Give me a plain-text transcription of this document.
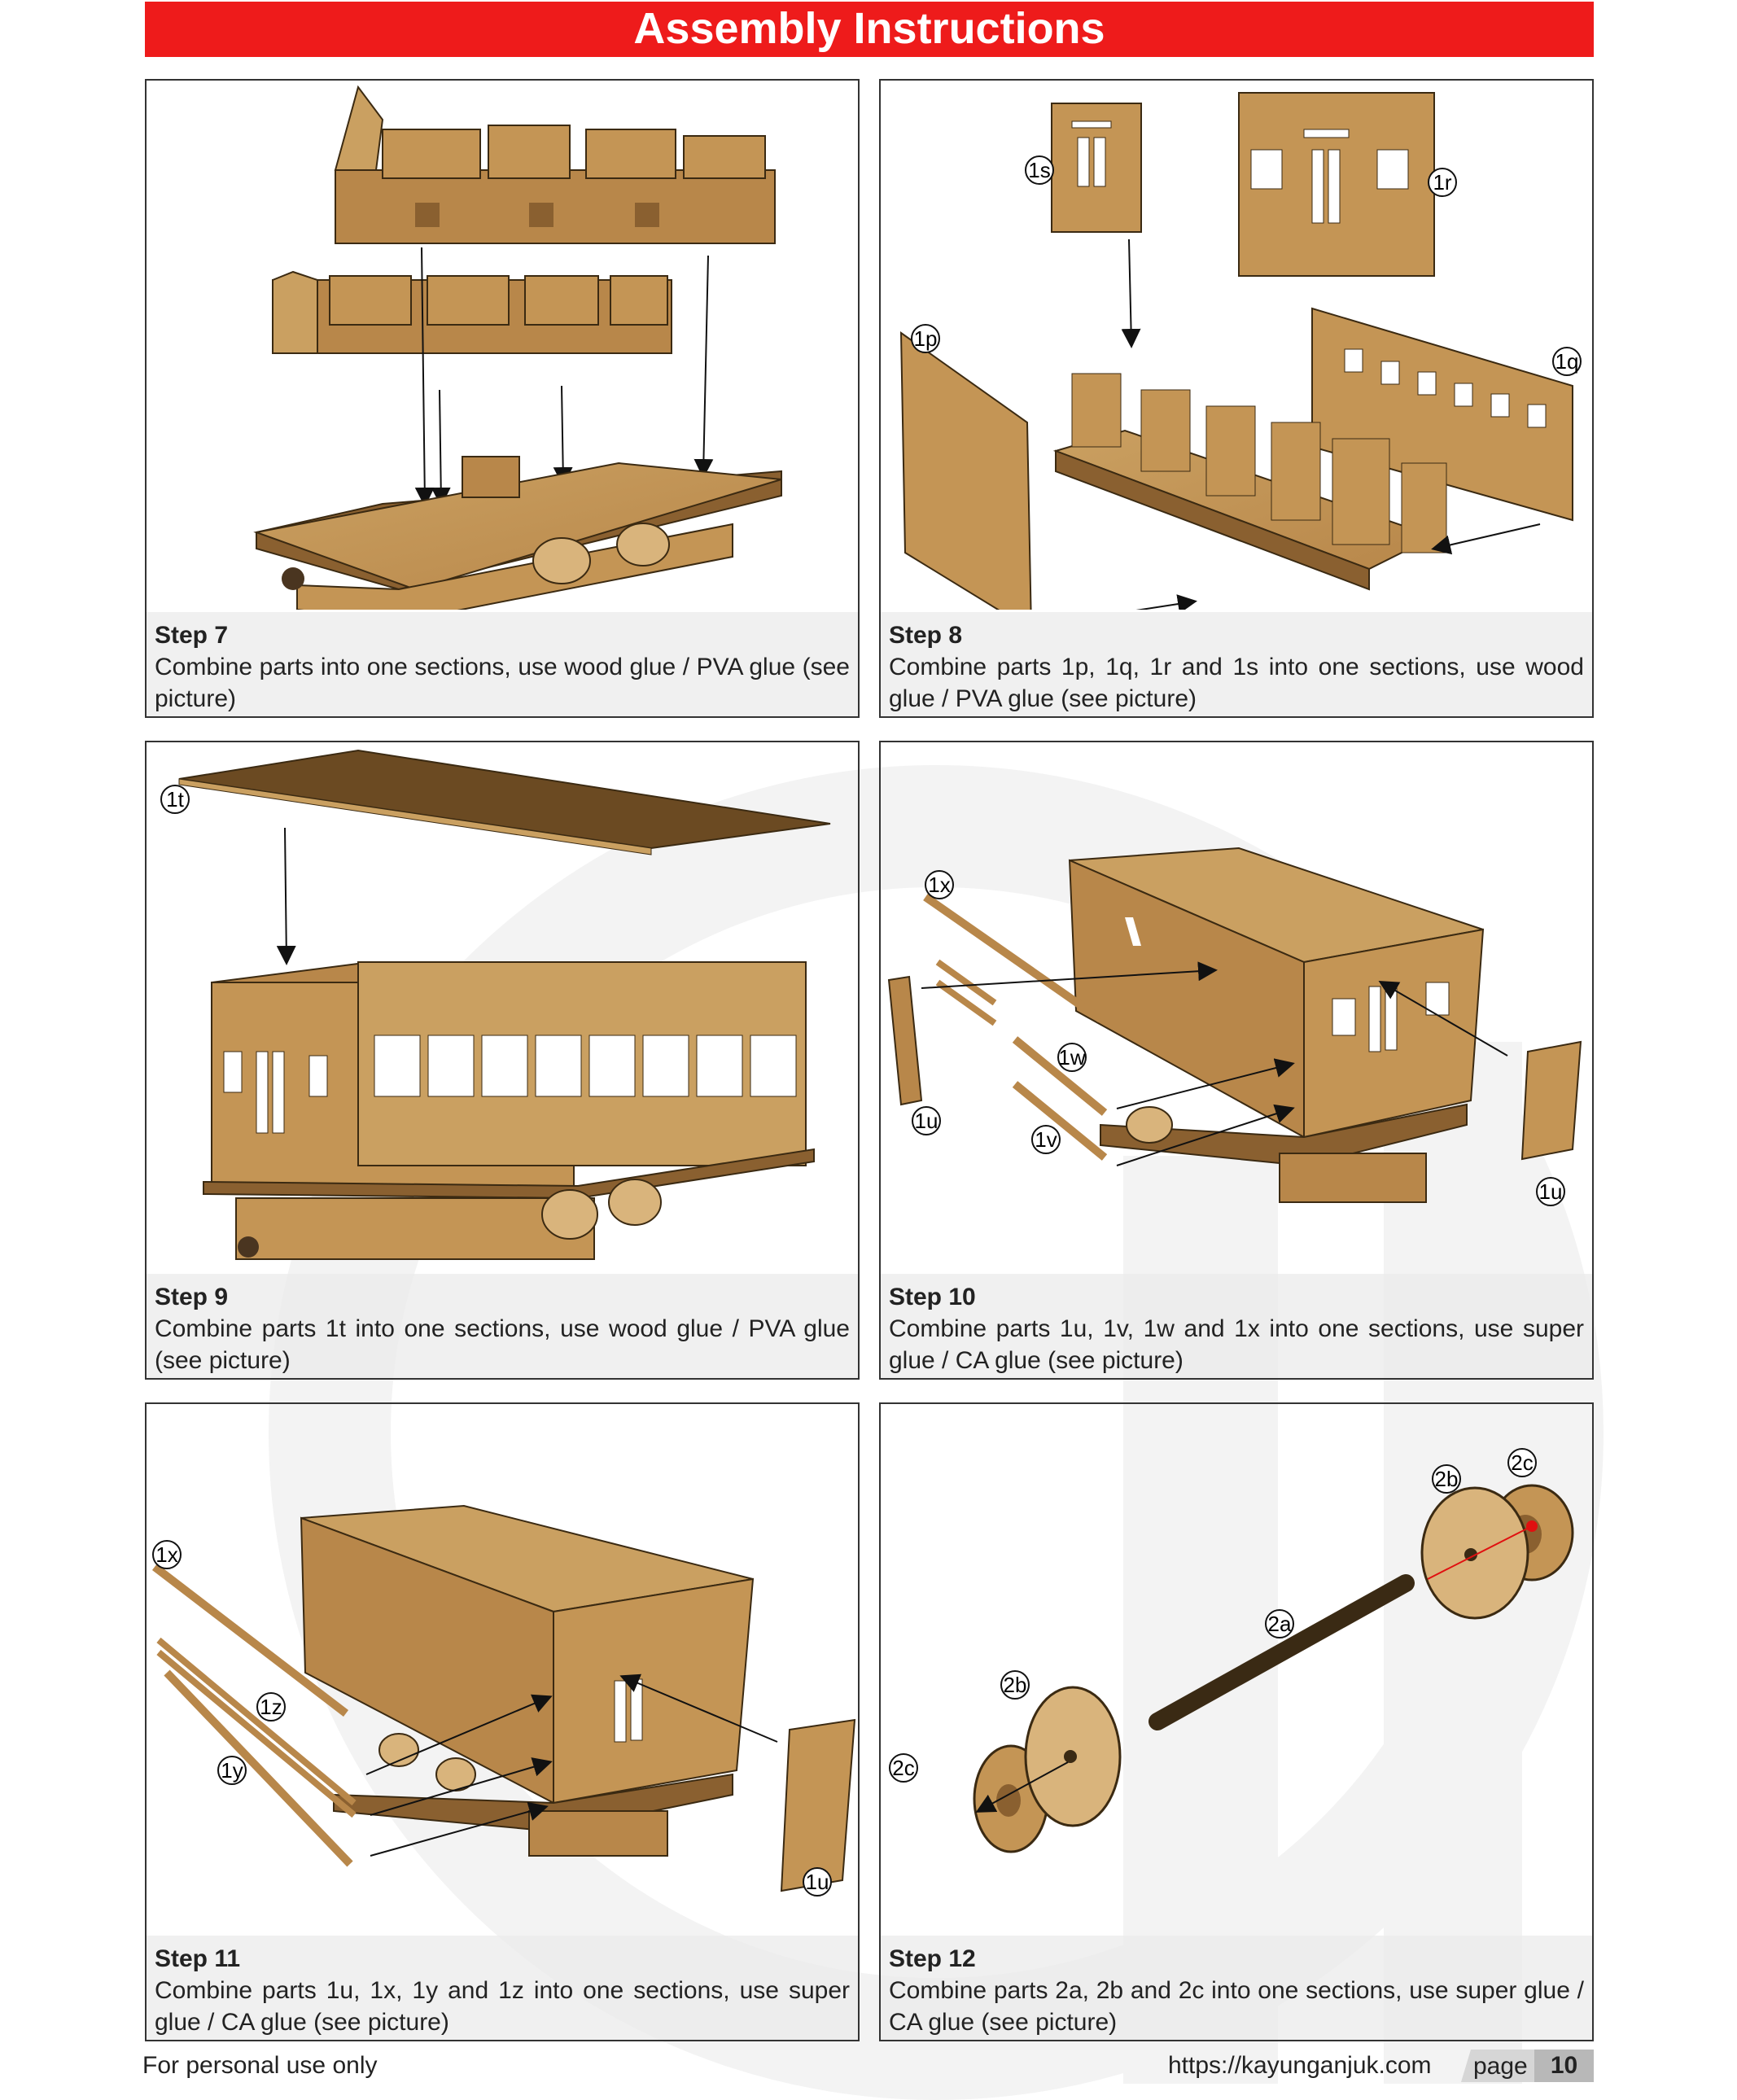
Assembly Instructions
Step 7
Combine parts into one sections, use wood glue / PVA glue (see picture)
1s	1r
1p
1q
Step 8
Combine parts 1p, 1q, 1r and 1s into one sections, use wood glue / PVA glue (see picture)
1t
Step 9
Combine parts 1t into one sections, use wood glue / PVA glue (see picture)
1x
1w
1u
1v
1u
Step 10
Combine parts 1u, 1v, 1w and 1x into one sections, use super glue / CA glue (see picture)
1x
1z
1y
1u
Step 11
Combine parts 1u, 1x, 1y and 1z into one sections, use super glue / CA glue (see picture)
2c
2b
2a
2b
2c
Step 12
Combine parts 2a, 2b and 2c into one sections, use super glue / CA glue (see picture)
For personal use only	https://kayunganjuk.com page 10
